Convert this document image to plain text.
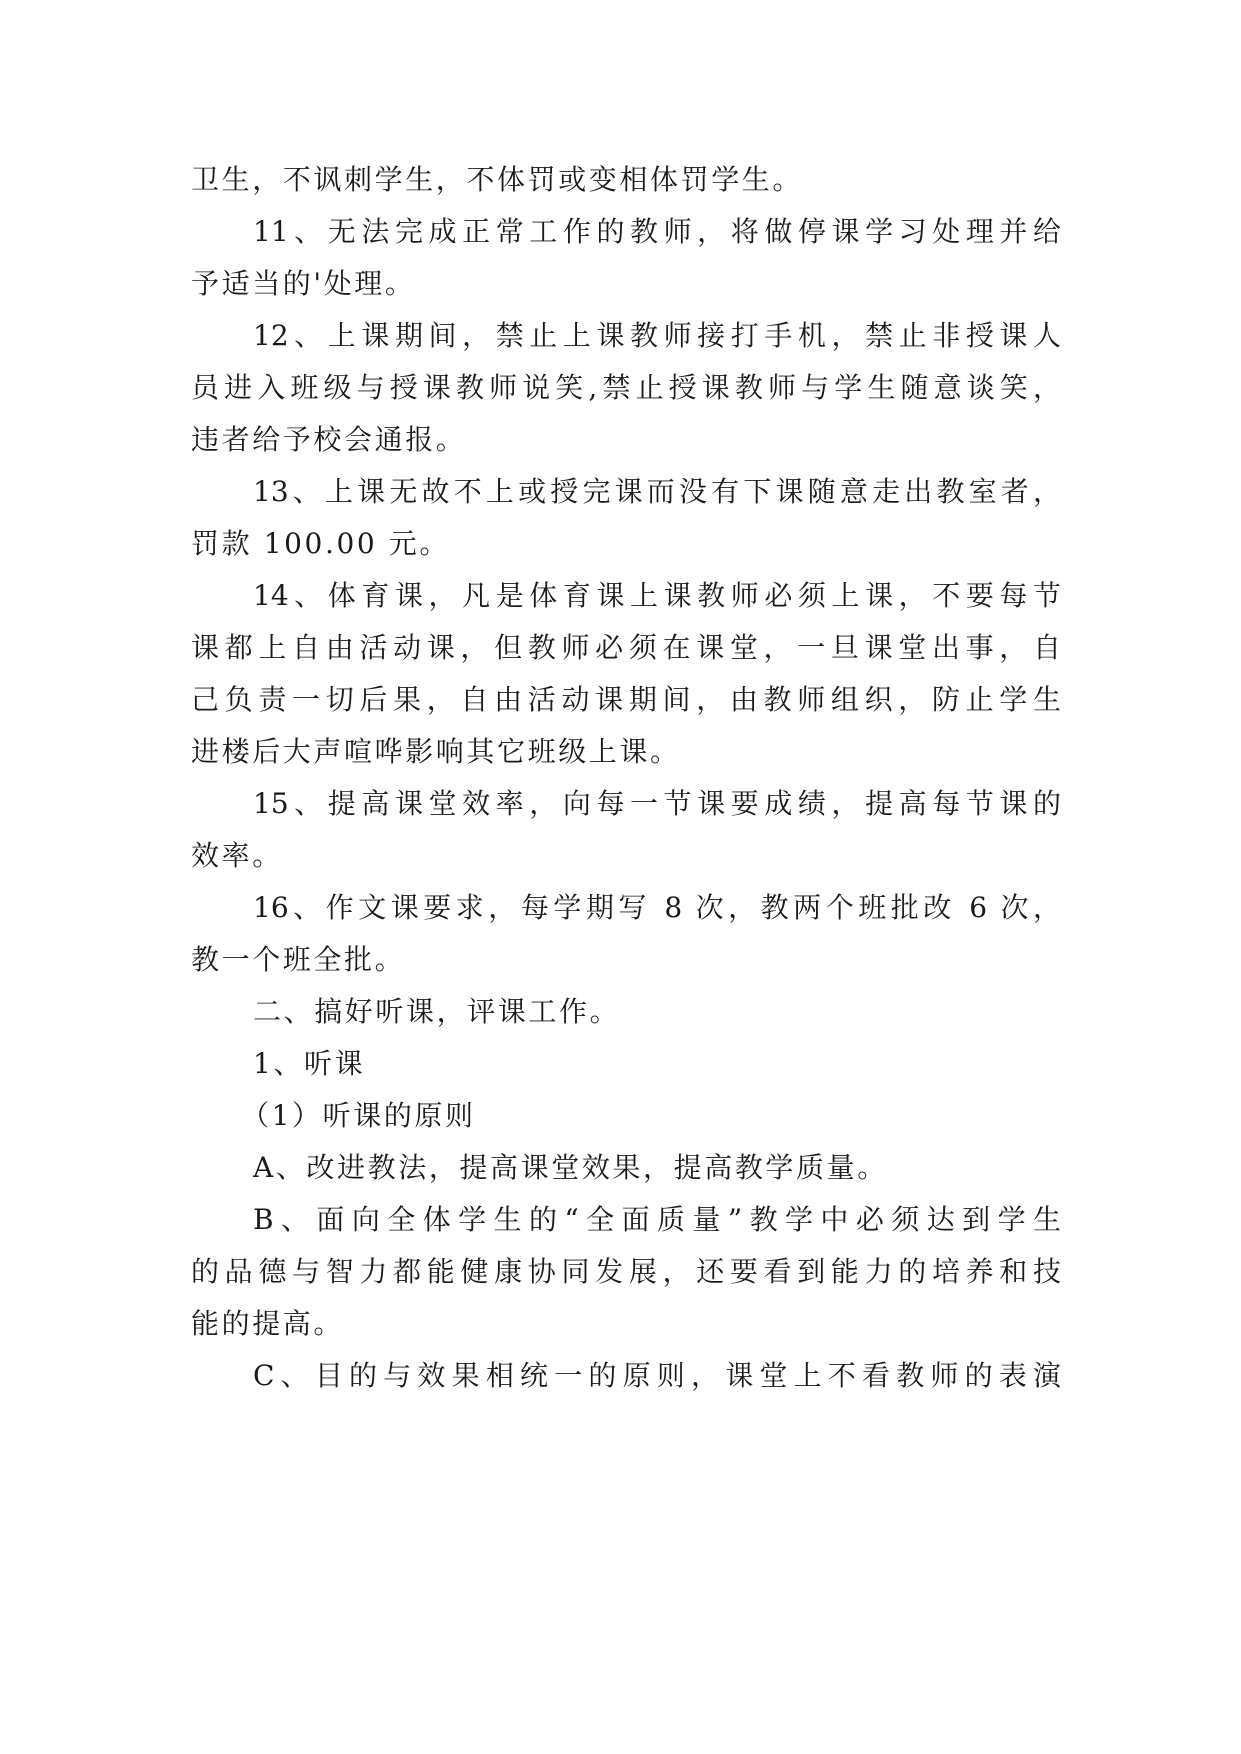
卫生，不讽刺学生，不体罚或变相体罚学生。
11、无法完成正常工作的教师，将做停课学习处理并给
予适当的'处理。
12、上课期间，禁止上课教师接打手机，禁止非授课人
员进入班级与授课教师说笑,禁止授课教师与学生随意谈笑，
违者给予校会通报。
13、上课无故不上或授完课而没有下课随意走出教室者，
罚款 100.00 元。
14、体育课，凡是体育课上课教师必须上课，不要每节
课都上自由活动课，但教师必须在课堂，一旦课堂出事，自
己负责一切后果，自由活动课期间，由教师组织，防止学生
进楼后大声喧哗影响其它班级上课。
15、提高课堂效率，向每一节课要成绩，提高每节课的
效率。
16、作文课要求，每学期写 8 次，教两个班批改 6 次，
教一个班全批。
二、搞好听课，评课工作。
1、听课
（1）听课的原则
A、改进教法，提高课堂效果，提高教学质量。
B、面向全体学生的“全面质量”教学中必须达到学生
的品德与智力都能健康协同发展，还要看到能力的培养和技
能的提高。
C、目的与效果相统一的原则，课堂上不看教师的表演
